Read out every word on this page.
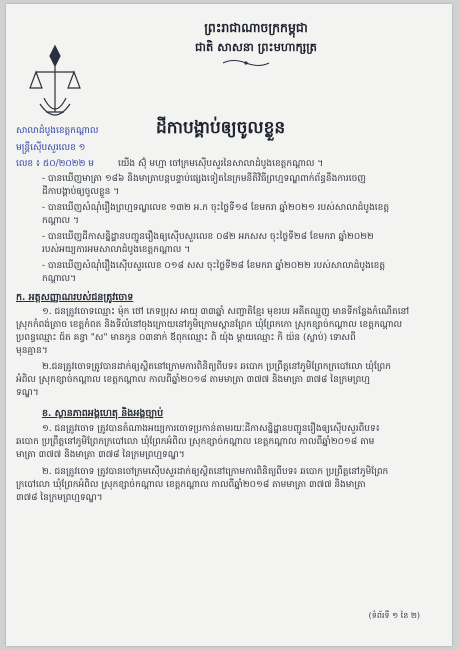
ព្រះរាជាណាចក្រកម្ពុជា
ជាតិ សាសនា ព្រះមហាក្សត្រ
សាលាដំបូងខេត្តកណ្តាល	ដីកាបង្គាប់ឲ្យចូលខ្លួន
មន្ត្រីស៊ើបសួរលេខ ១
លេខ ៖ ៥០/២០២២ ម	យើង ស៊ុំ មហ្មា ចៅក្រមស៊ើបសួរនៃសាលាដំបូងខេត្តកណ្តាល ។
- បានឃើញមាត្រា ១៨៦ និងមាត្រាបន្តបន្ទាប់ផ្សេងទៀតនៃក្រមនីតិវិធីព្រហ្មទណ្ឌពាក់ព័ន្ធនឹងការចេញ
ដីកាបង្គាប់ឲ្យចូលខ្លួន ។
- បានឃើញសំណុំរឿងព្រហ្មទណ្ឌលេខ ១៣២ អ.ក ចុះថ្ងៃទី១៨ ខែមករា ឆ្នាំ២០២១ របស់សាលាដំបូងខេត្ត
កណ្តាល ។
- បានឃើញដីកាសន្និដ្ឋានបញ្ជូនរឿងឲ្យស៊ើបសួរលេខ ០៨២ អភសស ចុះថ្ងៃទី២៨ ខែមករា ឆ្នាំ២០២២
របស់អយ្យការអមសាលាដំបូងខេត្តកណ្តាល ។
- បានឃើញសំណុំរឿងស៊ើបសួរលេខ ០១៨ សស ចុះថ្ងៃទី២៨ ខែមករា ឆ្នាំ២០២២ របស់សាលាដំបូងខេត្ត
កណ្តាល។
ក. អត្តសញ្ញាណរបស់ជនត្រូវចោទ
១. ជនត្រូវចោទឈ្មោះ ម៉ុក ថៅ ភេទប្រុស អាយុ ៣៣ឆ្នាំ សញ្ជាតិខ្មែរ មុខរបរ អតីតឈ្មួញ មានទីកន្លែងកំណើតនៅ
ស្រុកកំពង់ត្រាច ខេត្តកំពត និងទីលំនៅចុងក្រោយនៅភូមិក្រោមស្ពានព្រែក ឃុំព្រែកកោ ស្រុកខ្សាច់កណ្តាល ខេត្តកណ្តាល
ប្រពន្ធឈ្មោះ ជ៍ត គន្ធា "ស" មានកូន ០៣នាក់ ឪពុកឈ្មោះ ពិ យ៉ុង ម្តាយឈ្មោះ កិ យ៉ន (ស្លាប់) ទោសពី
មុនគ្មាន។
២.ជនត្រូវចោទត្រូវបានដាក់ឲ្យស្ថិតនៅក្រោមការពិនិត្យពីបទ៖ ឆបោក ប្រព្រឹត្តនៅភូមិព្រែកក្របៅលោ ឃុំព្រែក
អំពិល ស្រុកខ្សាច់កណ្តាល ខេត្តកណ្តាល កាលពីឆ្នាំ២០១៨ តាមមាត្រា ៣៧៧ និងមាត្រា ៣៧៨ នៃក្រមព្រហ្ម
ទណ្ឌ។
ខ. ស្ថានភាពអង្គហេតុ និងអង្គច្បាប់
១. ជនត្រូវចោទ ត្រូវបានតំណាងអយ្យការចោទប្រកាន់តាមរយៈដីកាសន្និដ្ឋានបញ្ជូនរឿងឲ្យស៊ើបសួរពីបទ៖
ឆបោក ប្រព្រឹត្តនៅភូមិព្រែកក្របៅលោ ឃុំព្រែកអំពិល ស្រុកខ្សាច់កណ្តាល ខេត្តកណ្តាល កាលពីឆ្នាំ២០១៨ តាម
មាត្រា ៣៧៧ និងមាត្រា ៣៧៨ នៃក្រមព្រហ្មទណ្ឌ។
២. ជនត្រូវចោទ ត្រូវបានចៅក្រមស៊ើបសួរដាក់ឲ្យស្ថិតនៅក្រោមការពិនិត្យពីបទ៖ ឆបោក ប្រព្រឹត្តនៅភូមិព្រែក
ក្របៅលោ ឃុំព្រែកអំពិល ស្រុកខ្សាច់កណ្តាល ខេត្តកណ្តាល កាលពីឆ្នាំ២០១៨ តាមមាត្រា ៣៧៧ និងមាត្រា
៣៧៨ នៃក្រមព្រហ្មទណ្ឌ។
(ទំព័រទី ១ នៃ ២)
